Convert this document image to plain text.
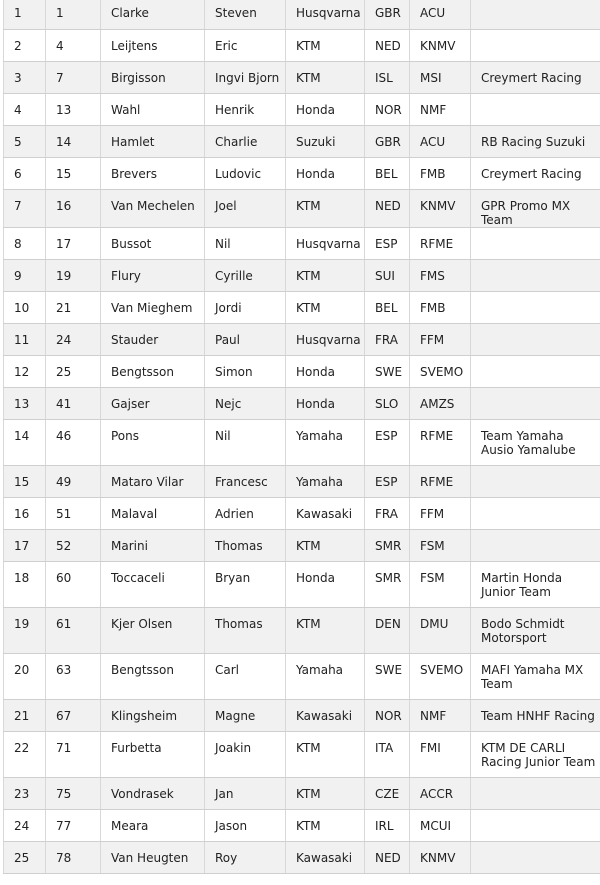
1	1	Clarke	Steven	Husqvarna	GBR	ACU	
2	4	Leijtens	Eric	KTM	NED	KNMV	
3	7	Birgisson	Ingvi Bjorn	KTM	ISL	MSI	Creymert Racing
4	13	Wahl	Henrik	Honda	NOR	NMF	
5	14	Hamlet	Charlie	Suzuki	GBR	ACU	RB Racing Suzuki
6	15	Brevers	Ludovic	Honda	BEL	FMB	Creymert Racing
7	16	Van Mechelen	Joel	KTM	NED	KNMV	GPR Promo MX Team
8	17	Bussot	Nil	Husqvarna	ESP	RFME	
9	19	Flury	Cyrille	KTM	SUI	FMS	
10	21	Van Mieghem	Jordi	KTM	BEL	FMB	
11	24	Stauder	Paul	Husqvarna	FRA	FFM	
12	25	Bengtsson	Simon	Honda	SWE	SVEMO	
13	41	Gajser	Nejc	Honda	SLO	AMZS	
14	46	Pons	Nil	Yamaha	ESP	RFME	Team Yamaha Ausio Yamalube
15	49	Mataro Vilar	Francesc	Yamaha	ESP	RFME	
16	51	Malaval	Adrien	Kawasaki	FRA	FFM	
17	52	Marini	Thomas	KTM	SMR	FSM	
18	60	Toccaceli	Bryan	Honda	SMR	FSM	Martin Honda Junior Team
19	61	Kjer Olsen	Thomas	KTM	DEN	DMU	Bodo Schmidt Motorsport
20	63	Bengtsson	Carl	Yamaha	SWE	SVEMO	MAFI Yamaha MX Team
21	67	Klingsheim	Magne	Kawasaki	NOR	NMF	Team HNHF Racing
22	71	Furbetta	Joakin	KTM	ITA	FMI	KTM DE CARLI Racing Junior Team
23	75	Vondrasek	Jan	KTM	CZE	ACCR	
24	77	Meara	Jason	KTM	IRL	MCUI	
25	78	Van Heugten	Roy	Kawasaki	NED	KNMV	
